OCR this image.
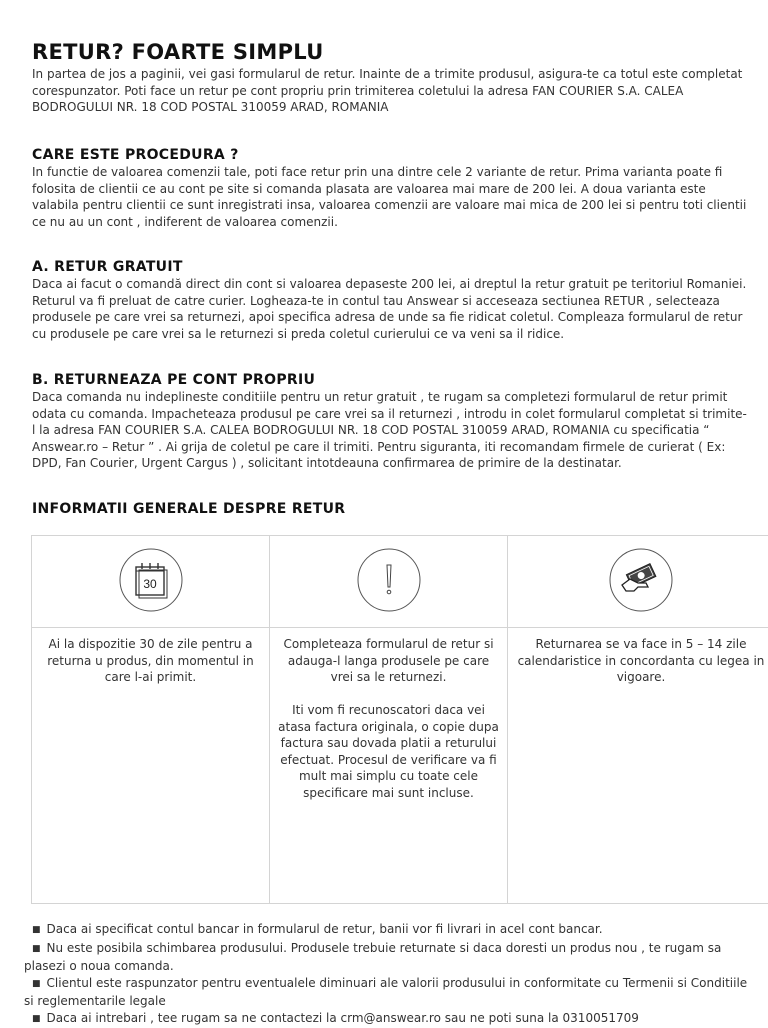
RETUR? FOARTE SIMPLU

In partea de jos a paginii, vei gasi formularul de retur. Inainte de a trimite produsul, asigura-te ca totul este completat corespunzator. Poti face un retur pe cont propriu prin trimiterea coletului la adresa FAN COURIER S.A. CALEA BODROGULUI NR. 18 COD POSTAL 310059 ARAD, ROMANIA

CARE ESTE PROCEDURA ?

In functie de valoarea comenzii tale, poti face retur prin una dintre cele 2 variante de retur. Prima varianta poate fi folosita de clientii ce au cont pe site si comanda plasata are valoarea mai mare de 200 lei. A doua varianta este valabila pentru clientii ce sunt inregistrati insa, valoarea comenzii are valoare mai mica de 200 lei si pentru toti clientii ce nu au un cont , indiferent de valoarea comenzii.

A. RETUR GRATUIT

Daca ai facut o comandă direct din cont si valoarea depaseste 200 lei, ai dreptul la retur gratuit pe teritoriul Romaniei. Returul va fi preluat de catre curier. Logheaza-te in contul tau Answear si acceseaza sectiunea RETUR , selecteaza produsele pe care vrei sa returnezi, apoi specifica adresa de unde sa fie ridicat coletul. Compleaza formularul de retur cu produsele pe care vrei sa le returnezi si preda coletul curierului ce va veni sa il ridice.

B. RETURNEAZA PE CONT PROPRIU

Daca comanda nu indeplineste conditiile pentru un retur gratuit , te rugam sa completezi formularul de retur primit odata cu comanda. Impacheteaza produsul pe care vrei sa il returnezi , introdu in colet formularul completat si trimite-l la adresa FAN COURIER S.A. CALEA BODROGULUI NR. 18 COD POSTAL 310059 ARAD, ROMANIA cu specificatia “ Answear.ro – Retur ” . Ai grija de coletul pe care il trimiti. Pentru siguranta, iti recomandam firmele de curierat ( Ex: DPD, Fan Courier, Urgent Cargus ) , solicitant intotdeauna confirmarea de primire de la destinatar.

INFORMATII GENERALE DESPRE RETUR
30
Ai la dispozitie 30 de zile pentru a returna u produs, din momentul in care l-ai primit.
Completeaza formularul de retur si adauga-l langa produsele pe care vrei sa le returnezi.

Iti vom fi recunoscatori daca vei atasa factura originala, o copie dupa factura sau dovada platii a returului efectuat. Procesul de verificare va fi mult mai simplu cu toate cele specificare mai sunt incluse.
Returnarea se va face in 5 – 14 zile calendaristice in concordanta cu legea in vigoare.

■ Daca ai specificat contul bancar in formularul de retur, banii vor fi livrari in acel cont bancar.

■ Nu este posibila schimbarea produsului. Produsele trebuie returnate si daca doresti un produs nou , te rugam sa plasezi o noua comanda.

■ Clientul este raspunzator pentru eventualele diminuari ale valorii produsului in conformitate cu Termenii si Conditiile si reglementarile legale

■ Daca ai intrebari , tee rugam sa ne contactezi la crm@answear.ro sau ne poti suna la 0310051709
